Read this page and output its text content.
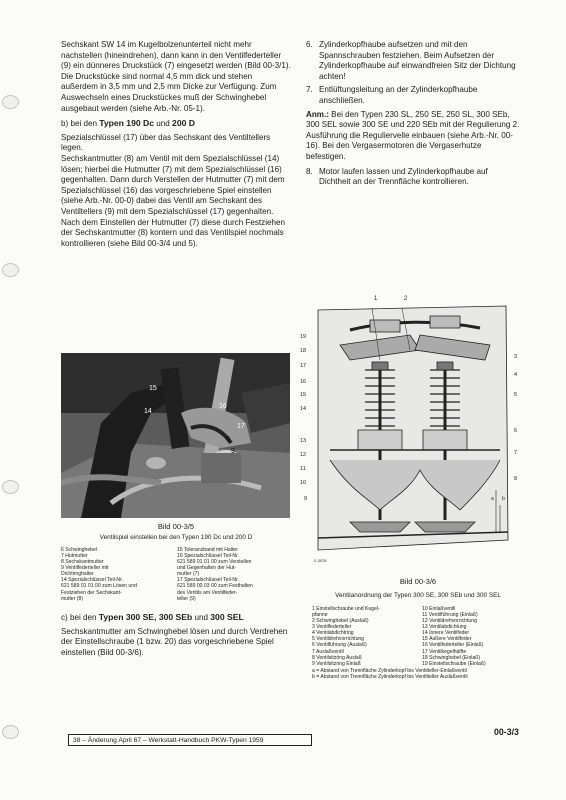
Sechskant SW 14 im Kugelbolzenunterteil nicht mehr nachstellen (hineindrehen), dann kann in den Ventilfederteller (9) ein dünneres Druckstück (7) eingesetzt werden (Bild 00-3/1). Die Druckstücke sind normal 4,5 mm dick und stehen außerdem in 3,5 mm und 2,5 mm Dicke zur Verfügung. Zum Auswechseln eines Druckstückes muß der Schwinghebel ausgebaut werden (siehe Arb.-Nr. 05-1).

b) bei den Typen 190 Dc und 200 D

Spezialschlüssel (17) über das Sechskant des Ventiltellers legen.

Sechskantmutter (8) am Ventil mit dem Spezialschlüssel (14) lösen; hierbei die Hutmutter (7) mit dem Spezialschlüssel (16) gegenhalten. Dann durch Verstellen der Hutmutter (7) mit dem Spezialschlüssel (16) das vorgeschriebene Spiel einstellen (siehe Arb.-Nr. 00-0) dabei das Ventil am Sechskant des Ventiltellers (9) mit dem Spezialschlüssel (17) gegenhalten. Nach dem Einstellen der Hutmutter (7) diese durch Festziehen der Sechskantmutter (8) kontern und das Ventilspiel nochmals kontrollieren (siehe Bild 00-3/4 und 5).

15
16
14
17
8
9
Bild 00-3/5
Ventilspiel einstellen bei den Typen 190 Dc und 200 D
6 Schwinghebel
7 Hutmutter
8 Sechskantmutter
9 Ventilfederteller mit
Dichtringhalter
14 Spezialschlüssel Teil-Nr.
621 589 01 01 00 zum Lösen und
Festziehen der Sechskant-
mutter (8)
15 Toleranzband mit Halter
16 Spezialschlüssel Teil-Nr.
621 589 01 01 00 zum Verstellen
und Gegenhalten der Hut-
mutter (7)
17 Spezialschlüssel Teil-Nr.
621 589 00 03 00 zum Festhalten
des Ventils am Ventilfeder-
teller (9)

c) bei den Typen 300 SE, 300 SEb und 300 SEL

Sechskantmutter am Schwinghebel lösen und durch Verdrehen der Einstellschraube (1 bzw. 20) das vorgeschriebene Spiel einstellen (Bild 00-3/6).

6. Zylinderkopfhaube aufsetzen und mit den Spannschrauben festziehen. Beim Aufsetzen der Zylinderkopfhaube auf einwandfreien Sitz der Dichtung achten!
7. Entlüftungsleitung an der Zylinderkopfhaube anschließen.

Anm.: Bei den Typen 230 SL, 250 SE, 250 SL, 300 SEb, 300 SEL sowie 300 SE und 220 SEb mit der Regulierung 2. Ausführung die Reguliervelle einbauen (siehe Arb.-Nr. 00-16). Bei den Vergasermotoren die Vergaserhutze befestigen.

8. Motor laufen lassen und Zylinderkopfhaube auf Dichtheit an der Trennfläche kontrollieren.
1	2
19
18
17
16
15
14
13
12
11
10
9
3
4
5
6
7
8
a b
2-3078
Bild 00-3/6
Ventilanordnung der Typen 300 SE, 300 SEb und 300 SEL
1 Einstellschraube und Kugel-
pfanne
2 Schwinghebel (Auslaß)
3 Ventilfederteller
4 Ventilabdichtring
5 Ventildrehvorrichtung
6 Ventilführung (Auslaß)
7 Auslaßventil
8 Ventilsitzring Auslaß
9 Ventilsitzring Einlaß
10 Einlaßventil
11 Ventilführung (Einlaß)
12 Ventildrehvorrichtung
13 Ventilabdichtung
14 Innere Ventilfeder
15 Äußere Ventilfeder
16 Ventilfederteller (Einlaß)
17 Ventilkegelhälfte
18 Schwinghebel (Einlaß)
19 Einstellschraube (Einlaß)
a = Abstand von Trennfläche Zylinderkopf bis Ventilteller-Einlaßventil
b = Abstand von Trennfläche Zylinderkopf bis Ventilteller Auslaßventil
38 – Änderung April 67 – Werkstatt-Handbuch PKW-Typen 1959
00-3/3
